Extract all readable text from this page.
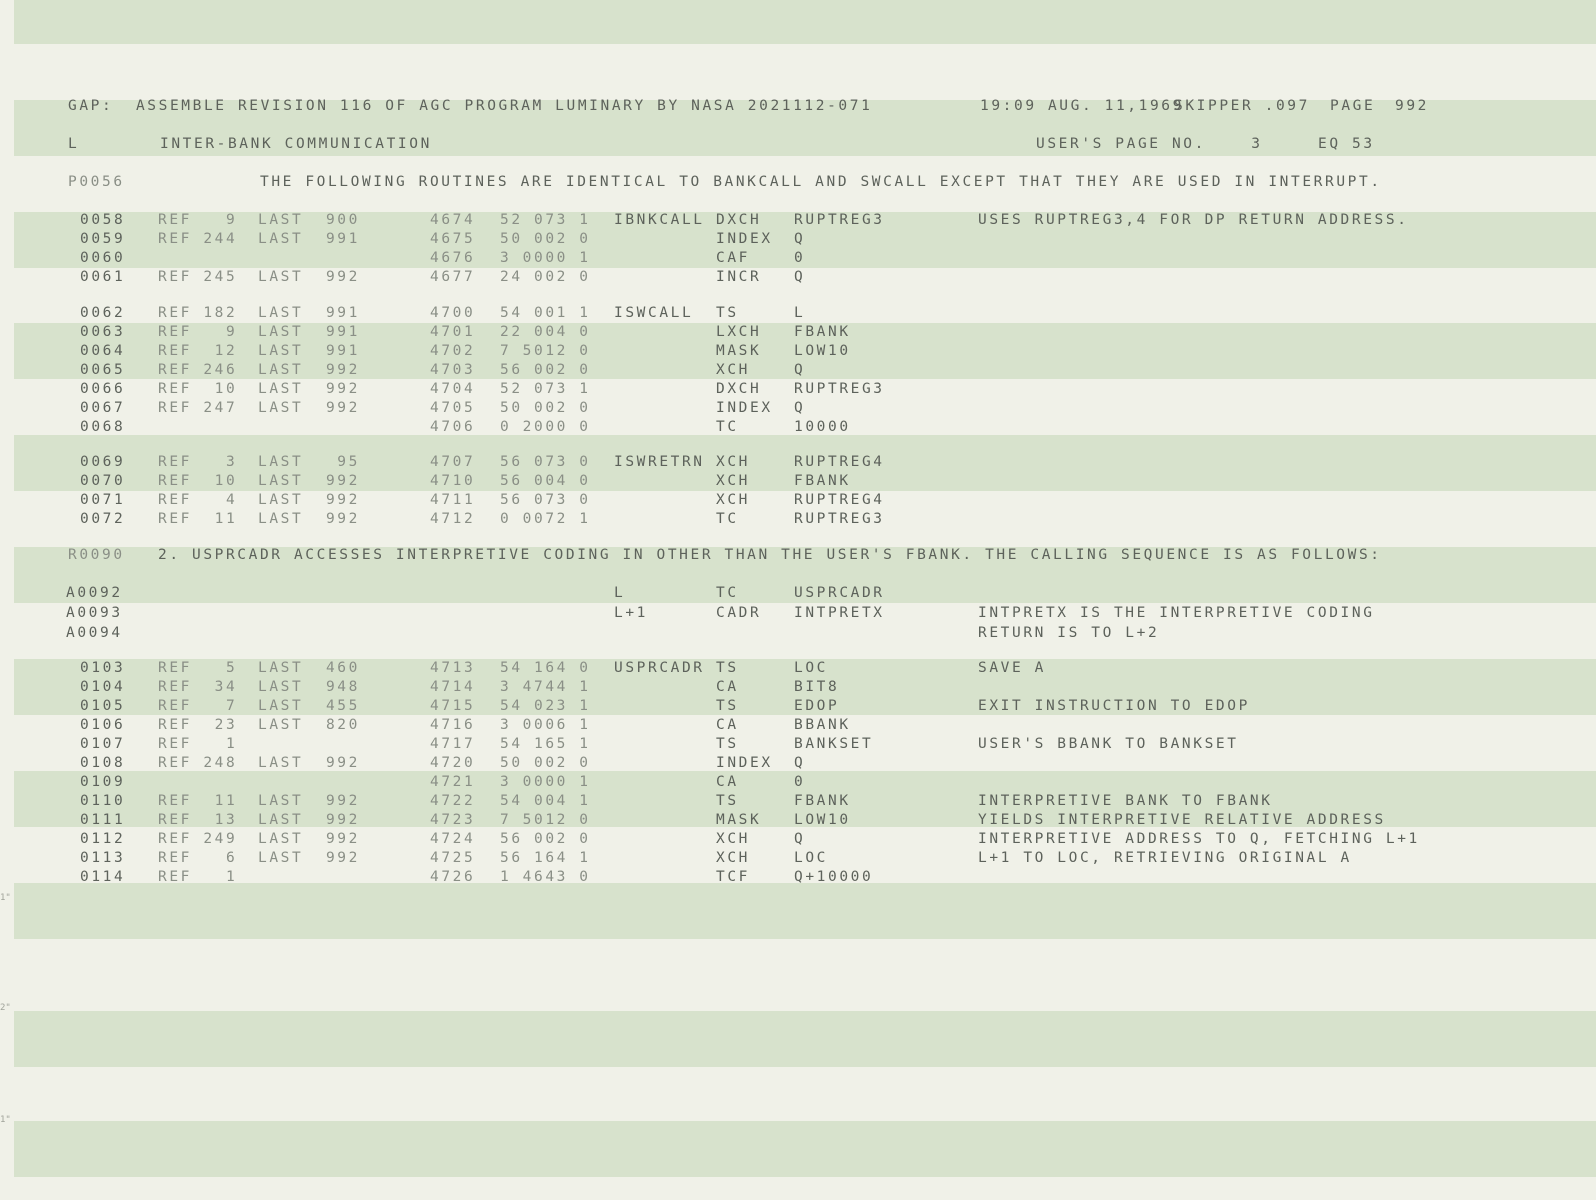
GAP:  ASSEMBLE REVISION 116 OF AGC PROGRAM LUMINARY BY NASA 2021112-071

	19:09 AUG. 11,1969

SKIPPER .097

PAGE

992

L

	INTER-BANK COMMUNICATION

	USER'S PAGE NO.    3

	EQ 53

P0056

	THE FOLLOWING ROUTINES ARE IDENTICAL TO BANKCALL AND SWCALL EXCEPT THAT THEY ARE USED IN INTERRUPT.

0058 REF   9 LAST  900	4674 52 073 1 IBNKCALL DXCH RUPTREG3	USES RUPTREG3,4 FOR DP RETURN ADDRESS.
0059 REF 244 LAST  991	4675 50 002 0	INDEX Q
0060	4676 3 0000 1	CAF	0
0061 REF 245 LAST  992	4677 24 002 0	INCR Q
0062 REF 182 LAST  991	4700 54 001 1 ISWCALL TS	L
0063 REF   9 LAST  991	4701 22 004 0	LXCH FBANK
0064 REF  12 LAST  991	4702 7 5012 0	MASK LOW10
0065 REF 246 LAST  992	4703 56 002 0	XCH	Q
0066 REF  10 LAST  992	4704 52 073 1	DXCH RUPTREG3
0067 REF 247 LAST  992	4705 50 002 0	INDEX Q
0068	4706 0 2000 0	TC	10000
0069 REF   3 LAST   95	4707 56 073 0 ISWRETRN XCH	RUPTREG4
0070 REF  10 LAST  992	4710 56 004 0	XCH	FBANK
0071 REF   4 LAST  992	4711 56 073 0	XCH	RUPTREG4
0072 REF  11 LAST  992	4712 0 0072 1	TC	RUPTREG3

R0090

2. USPRCADR ACCESSES INTERPRETIVE CODING IN OTHER THAN THE USER'S FBANK. THE CALLING SEQUENCE IS AS FOLLOWS:

A0092	L	TC	USPRCADR
A0093	L+1	CADR INTPRETX	INTPRETX IS THE INTERPRETIVE CODING
A0094	RETURN IS TO L+2
0103 REF   5 LAST  460	4713 54 164 0 USPRCADR TS	LOC	SAVE A
0104 REF  34 LAST  948	4714 3 4744 1	CA	BIT8
0105 REF   7 LAST  455	4715 54 023 1	TS	EDOP	EXIT INSTRUCTION TO EDOP
0106 REF  23 LAST  820	4716 3 0006 1	CA	BBANK
0107 REF   1	4717 54 165 1	TS	BANKSET	USER'S BBANK TO BANKSET
0108 REF 248 LAST  992	4720 50 002 0	INDEX Q
0109	4721 3 0000 1	CA	0
0110 REF  11 LAST  992	4722 54 004 1	TS	FBANK	INTERPRETIVE BANK TO FBANK
0111 REF  13 LAST  992	4723 7 5012 0	MASK LOW10	YIELDS INTERPRETIVE RELATIVE ADDRESS
0112 REF 249 LAST  992	4724 56 002 0	XCH	Q	INTERPRETIVE ADDRESS TO Q, FETCHING L+1
0113 REF   6 LAST  992	4725 56 164 1	XCH	LOC	L+1 TO LOC, RETRIEVING ORIGINAL A
0114 REF   1	4726 1 4643 0	TCF	Q+10000
1"
2"
1"
